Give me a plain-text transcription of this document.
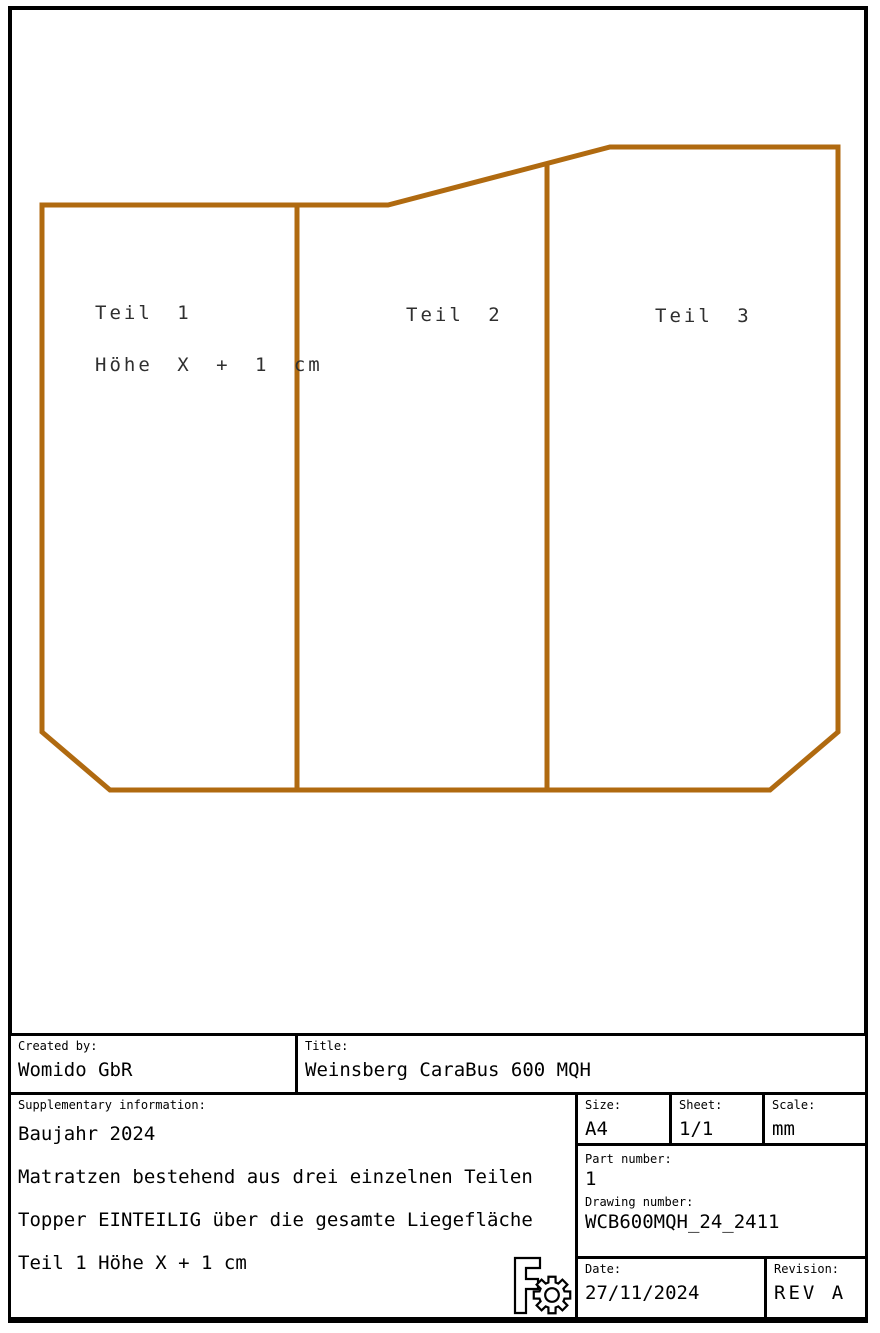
Teil 1
Höhe X + 1 cm
Teil 2	Teil 3
Created by:
Womido GbR
Title:
Weinsberg CaraBus 600 MQH
Supplementary information:
Baujahr 2024
Matratzen bestehend aus drei einzelnen Teilen
Topper EINTEILIG über die gesamte Liegefläche
Teil 1 Höhe X + 1 cm
Size:
A4
Sheet:
1/1
Scale:
mm
Part number:
1
Drawing number:
WCB600MQH_24_2411
Date:
27/11/2024
Revision:
REV A
